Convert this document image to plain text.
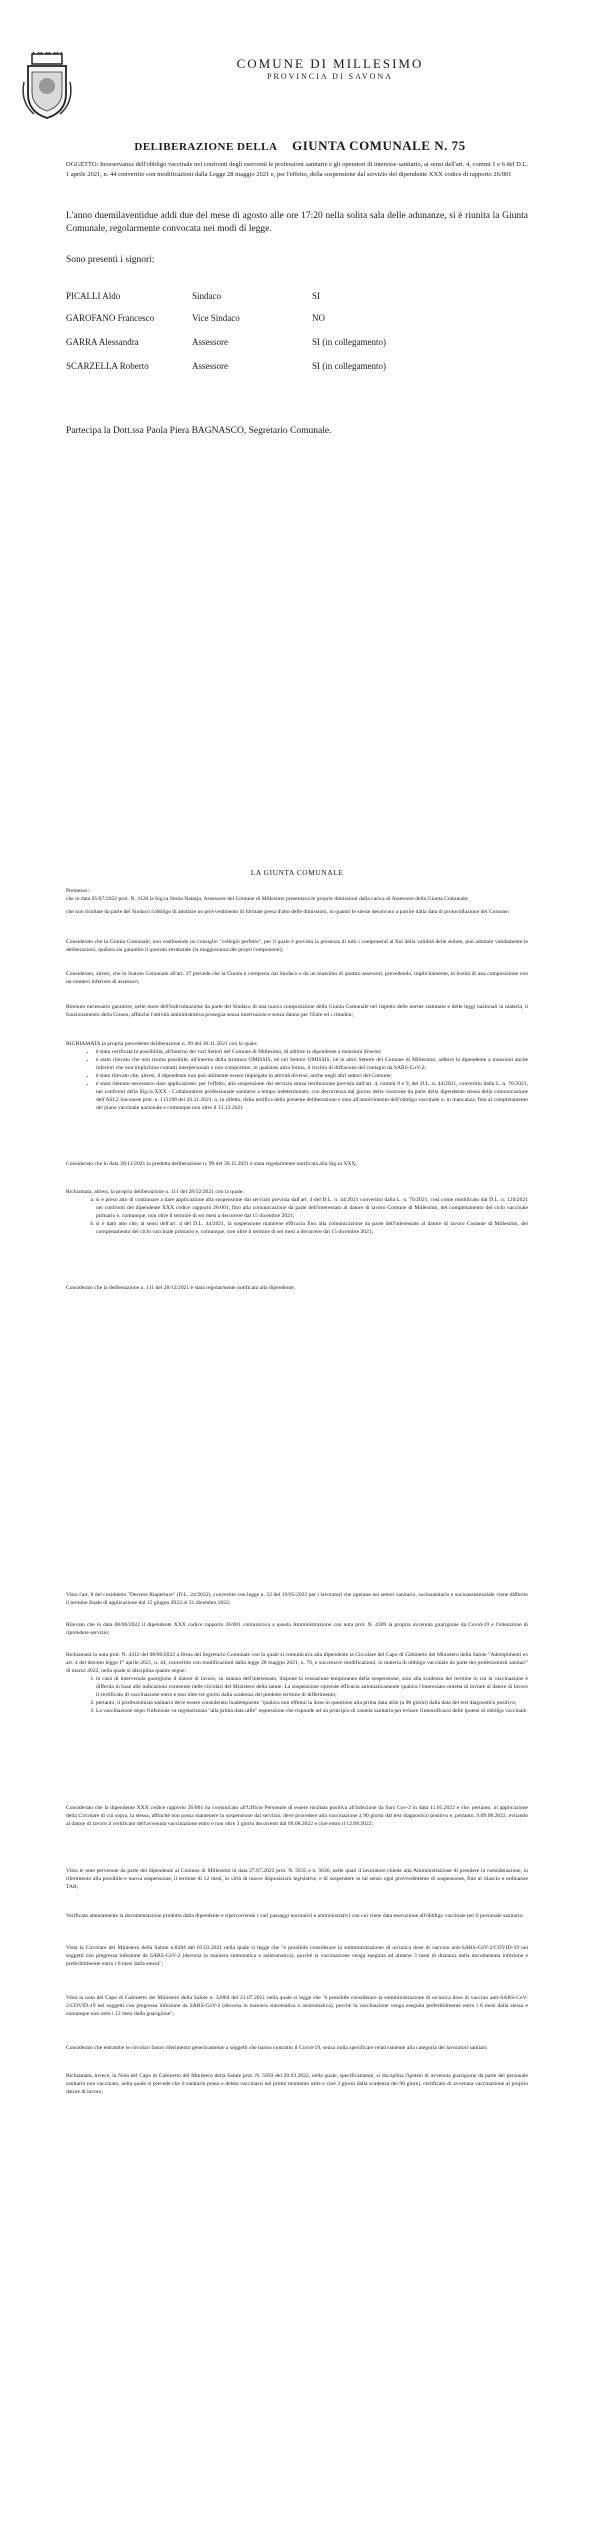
COMUNE DI MILLESIMO
PROVINCIA DI SAVONA
DELIBERAZIONE DELLA GIUNTA COMUNALE N. 75
OGGETTO: Inosservanza dell'obbligo vaccinale nei confronti degli esercenti le professioni sanitarie e gli operatori di interesse sanitario, ai sensi dell'art. 4, commi 1 e 6 del D.L. 1 aprile 2021, n. 44 convertito con modificazioni dalla Legge 28 maggio 2021 e, per l'effetto, della sospensione dal servizio del dipendente XXX codice di rapporto 26/001
L'anno duemilaventidue addì due del mese di agosto alle ore 17:20 nella solita sala delle adunanze, si è riunita la Giunta Comunale, regolarmente convocata nei modi di legge.
Sono presenti i signori:
PICALLI Aldo	Sindaco	SI
GAROFANO Francesco	Vice Sindaco	NO
GARRA Alessandra	Assessore	SI (in collegamento)
SCARZELLA Roberto	Assessore	SI (in collegamento)
Partecipa la Dott.ssa Paola Piera BAGNASCO, Segretario Comunale.
LA GIUNTA COMUNALE
Premesso:
che in data 05/07/2022 prot. N. 3120 la Sig.ra Smita Natasja, Assessore del Comune di Millesimo presentava le proprie dimissioni dalla carica di Assessore della Giunta Comunale;
che non risultate da parte del Sindaco l'obbligo di adottare un provvedimento di formale presa d'atto delle dimissioni, in quanto le stesse decorrono a partire dalla data di protocollazione del Comune;
Considerato che la Giunta Comunale, non costituendo un consiglio "collegio perfetto", per il quale è prevista la presenza di tutti i componenti ai fini della validità delle sedute, può adottare validamente le deliberazioni, qualora sia garantito il quorum strutturale (la maggioranza dei propri componenti);
Considerato, altresì, che lo Statuto Comunale all'art. 17 prevede che la Giunta è composta dal Sindaco e da un massimo di quattro assessori, prevedendo, implicitamente, la liceità di una composizione con un numero inferiore di assessori;
Ritenuto necessario garantire, nelle more dell'individuazione da parte del Sindaco di una nuova composizione della Giunta Comunale nel rispetto delle norme statutarie e delle leggi nazionali in materia, il funzionamento della Giunta, affinché l'attività amministrativa prosegua senza interruzioni e senza danno per l'Ente ed i cittadini;
RICHIAMATA la propria precedente deliberazione n. 99 del 30.11.2021 con la quale:
• è stata verificata la possibilità, all'interno dei vari Settori del Comune di Millesimo, di adibire la dipendente a mansioni diverse;
• è stato rilevato che non risulta possibile, all'interno della struttura OMISSIS, né nel Settore OMISSIS, né in altro Settore del Comune di Millesimo, adibire la dipendente a mansioni anche inferiori che non implichino contatti interpersonali o non comportino, in qualsiasi altra forma, il rischio di diffusione del contagio da SARS-CoV-2;
• è stato rilevato che, altresì, il dipendente non può utilmente essere impiegato in attività diverse, anche negli altri settori del Comune;
• è stato ritenuto necessario dare applicazione, per l'effetto, alla sospensione dal servizio senza retribuzione prevista dall'art. 4, commi 8 e 9, del D.L. n. 44/2021, convertito dalla L. n. 76/2021, nei confronti della Sig.ra XXX - Collaboratore professionale sanitario a tempo indeterminato, con decorrenza dal giorno della ricezione da parte della dipendente stessa della comunicazione dell'ASL2 Savonese prot. n. 113198 del 26.11.2021, o, in difetto, dalla notifica della presente deliberazione e sino all'assolvimento dell'obbligo vaccinale o, in mancanza, fino al completamento del piano vaccinale nazionale e comunque non oltre il 31.12.2021
Considerato che in data 30/11/2021 la predetta deliberazione n. 99 del 30.11.2021 è stata regolarmente notificata alla Sig.ra XXX;
Richiamata, altresì, la propria deliberazione n. 111 del 28/12/2021 con la quale:
a. si è preso atto di continuare a dare applicazione alla sospensione dal servizio prevista dall'art. 4 del D.L. n. 44/2021 convertito dalla L. n. 76/2021, così come modificato dal D.L. n. 126/2021 nei confronti del dipendente XXX codice rapporto 26/001, fino alla comunicazione da parte dell'interessato al datore di lavoro Comune di Millesimo, del completamento del ciclo vaccinale primario e, comunque, non oltre il termine di sei mesi a decorrere dal 15 dicembre 2021;
b. si è dato atto che, ai sensi dell'art. 4 del D.L. 44/2021, la sospensione mantiene efficacia fino alla comunicazione da parte dell'interessato al datore di lavoro Comune di Millesimo, del completamento del ciclo vaccinale primario e, comunque, non oltre il termine di sei mesi a decorrere dal 15 dicembre 2021;
Considerato che la deliberazione n. 111 del 28/12/2021 è stata regolarmente notificata alla dipendente;
Visto l'art. 8 del cosiddetto "Decreto Riaperture" (D.L. 24/2022), convertito con legge n. 52 del 19/05/2022 per i lavoratori che operano nei settori sanitario, sociosanitario e socioassistenziale viene differito il termine finale di applicazione dal 15 giugno 2022 al 31 dicembre 2022;
Rilevato che in data 08/06/2022 il dipendente XXX codice rapporto 26/001 comunicava a questa Amministrazione con nota prot. N. 4309 la propria avvenuta guarigione da Covid-19 e l'intenzione di riprendere servizio;
Richiamata la nota prot. N. 4312 del 08/06/2022 a firma del Segretario Comunale con la quale si comunicava alla dipendente la Circolare del Capo di Gabinetto del Ministero della Salute "Adempimenti ex art. 4 del decreto legge 1° aprile 2021, n. 44, convertito con modificazioni dalla legge 28 maggio 2021, n. 76, e successive modificazioni, in materia di obbligo vaccinale da parte dei professionisti sanitari" di marzo 2022, nella quale si disciplina quanto segue:
1. in caso di intervenuta guarigione il datore di lavoro, su istanza dell'interessato, dispone la cessazione temporanea della sospensione, sino alla scadenza del termine in cui la vaccinazione è differita in base alle indicazioni contenute nelle circolari del Ministero della salute. La sospensione riprende efficacia automaticamente qualora l'interessato ometta di inviare al datore di lavoro il certificato di vaccinazione entro e non oltre tre giorni dalla scadenza del predetto termine di differimento;
2. pertanto, il professionista sanitario deve essere considerato inadempiente "qualora non effettui la dose in questione alla prima data utile (a 90 giorni) dalla data del test diagnostico positivo;
3. La vaccinazione dopo l'infezione va regolarizzata "alla prima data utile" espressione che risponde ad un principio di cautela sanitaria per evitare l'intensificarsi delle ipotesi di obbligo vaccinale.
Considerato che la dipendente XXX codice rapporto 26/001 ha comunicato all'Ufficio Personale di essere risultata positiva all'infezione da Sars Cov-2 in data 11.05.2022 e che, pertanto, in applicazione della Circolare di cui sopra, la stessa, affinché non possa mantenere la sospensione dal servizio, deve procedere alla vaccinazione a 90 giorni dal test diagnostico positivo e, pertanto, 9.09.08.2022, evitando al datore di lavoro il certificato dell'avvenuta vaccinazione entro e non oltre 3 giorni decorrenti dal 09.08.2022 e cioè entro il 12.08.2022;
Visto le note pervenute da parte del dipendente al Comune di Millesimo in data 27.07.2022 prot. N. 5635 e n. 5636, nelle quali il lavoratore chiede alla Amministrazione di prendere in considerazione, in riferimento alla possibile e nuova sospensione, il termine di 12 mesi, in virtù di nuove disposizioni legislative, e di sospendere in tal senso ogni provvedimento di sospensione, fino al rilascio e ordinanze TAR;
Verificato attentamente la documentazione prodotta dalla dipendente e ripercorrendo i vari passaggi normativi e amministrativi con cui viene data esecuzione all'obbligo vaccinale per il personale sanitario;
Vista la Circolare del Ministero della Salute n.8284 del 03.03.2021 nella quale si legge che "è possibile considerare la somministrazione di un'unica dose di vaccino anti-SARS-CoV-2/COVID-19 nei soggetti con pregressa infezione da SARS-CoV-2 (decorsa in maniera sintomatica o asintomatica), purché la vaccinazione venga eseguita ad almeno 3 mesi di distanza dalla documentata infezione e preferibilmente entro i 6 mesi dalla stessa";
Vista la nota del Capo di Gabinetto del Ministero della Salute n. 32884 del 21.07.2021 nella quale si legge che "è possibile considerare la somministrazione di un'unica dose di vaccino anti-SARS-CoV-2/COVID-19 nei soggetti con pregressa infezione da SARS-CoV-2 (decorsa in maniera sintomatica o asintomatica), purché la vaccinazione venga eseguita preferibilmente entro i 6 mesi dalla stessa e comunque non oltre i 12 mesi dalla guarigione";
Considerato che entrambe le circolari fanno riferimento genericamente a soggetti che hanno contratto il Covid-19, senza nulla specificare relativamente alla categoria dei lavoratori sanitari;
Richiamata, invece, la Nota del Capo di Gabinetto del Ministero della Salute prot. N. 5059 del 29.03.2022, nella quale, specificamente, si disciplina l'ipotesi di avvenuta guarigione da parte del personale sanitario non vaccinato, nella quale si prevede che il sanitario possa e debba vaccinarsi nel primo momento utile e cioè 3 giorni dalla scadenza dei 90 giorni, certificato di avvenuta vaccinazione al proprio datore di lavoro;
